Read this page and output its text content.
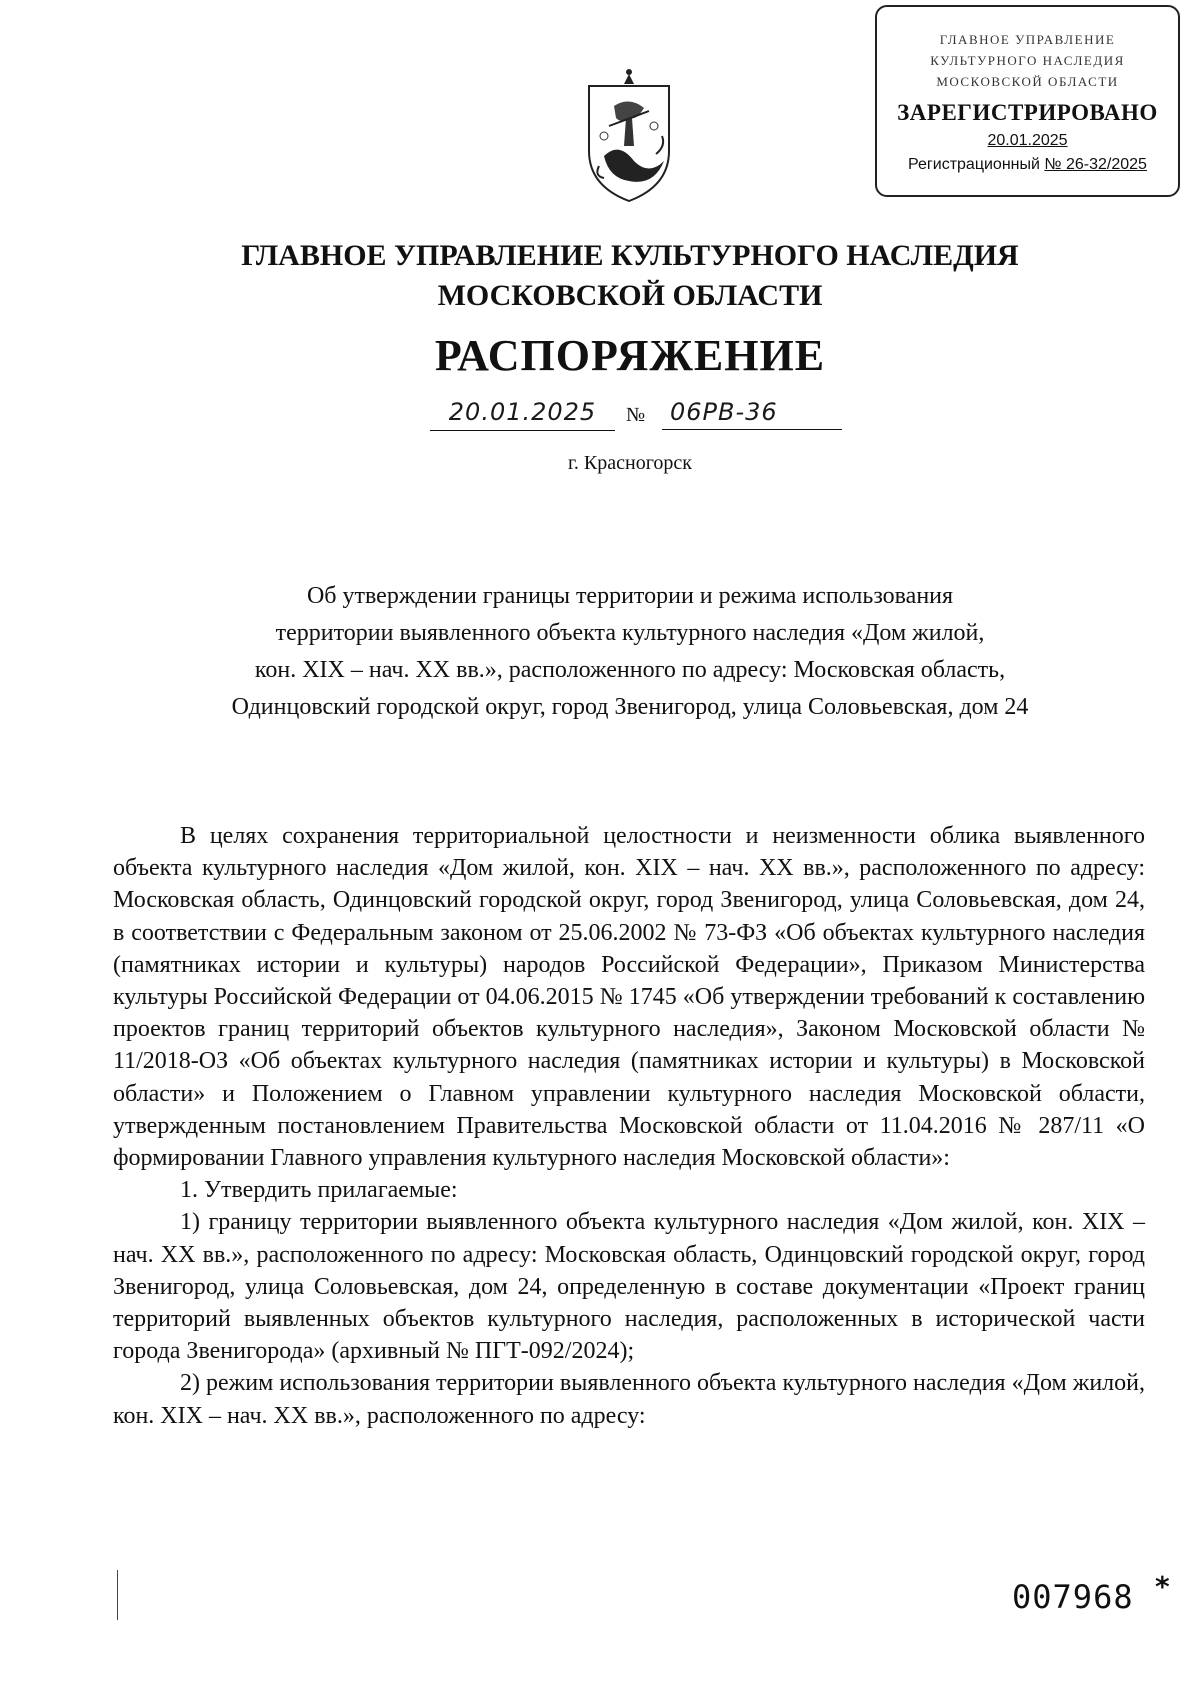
ГЛАВНОЕ УПРАВЛЕНИЕ
КУЛЬТУРНОГО НАСЛЕДИЯ
МОСКОВСКОЙ ОБЛАСТИ
ЗАРЕГИСТРИРОВАНО
20.01.2025
Регистрационный № 26-32/2025
ГЛАВНОЕ УПРАВЛЕНИЕ КУЛЬТУРНОГО НАСЛЕДИЯ
МОСКОВСКОЙ ОБЛАСТИ
РАСПОРЯЖЕНИЕ
20.01.2025	№	06РВ-36
г. Красногорск
Об утверждении границы территории и режима использования
территории выявленного объекта культурного наследия «Дом жилой,
кон. XIX – нач. XX вв.», расположенного по адресу: Московская область,
Одинцовский городской округ, город Звенигород, улица Соловьевская, дом 24

В целях сохранения территориальной целостности и неизменности облика выявленного объекта культурного наследия «Дом жилой, кон. XIX – нач. XX вв.», расположенного по адресу: Московская область, Одинцовский городской округ, город Звенигород, улица Соловьевская, дом 24, в соответствии с Федеральным законом от 25.06.2002 № 73-ФЗ «Об объектах культурного наследия (памятниках истории и культуры) народов Российской Федерации», Приказом Министерства культуры Российской Федерации от 04.06.2015 № 1745 «Об утверждении требований к составлению проектов границ территорий объектов культурного наследия», Законом Московской области № 11/2018-ОЗ «Об объектах культурного наследия (памятниках истории и культуры) в Московской области» и Положением о Главном управлении культурного наследия Московской области, утвержденным постановлением Правительства Московской области от 11.04.2016 № 287/11 «О формировании Главного управления культурного наследия Московской области»:

1. Утвердить прилагаемые:

1) границу территории выявленного объекта культурного наследия «Дом жилой, кон. XIX – нач. XX вв.», расположенного по адресу: Московская область, Одинцовский городской округ, город Звенигород, улица Соловьевская, дом 24, определенную в составе документации «Проект границ территорий выявленных объектов культурного наследия, расположенных в исторической части города Звенигорода» (архивный № ПГТ-092/2024);

2) режим использования территории выявленного объекта культурного наследия «Дом жилой, кон. XIX – нач. XX вв.», расположенного по адресу:

007968 *
